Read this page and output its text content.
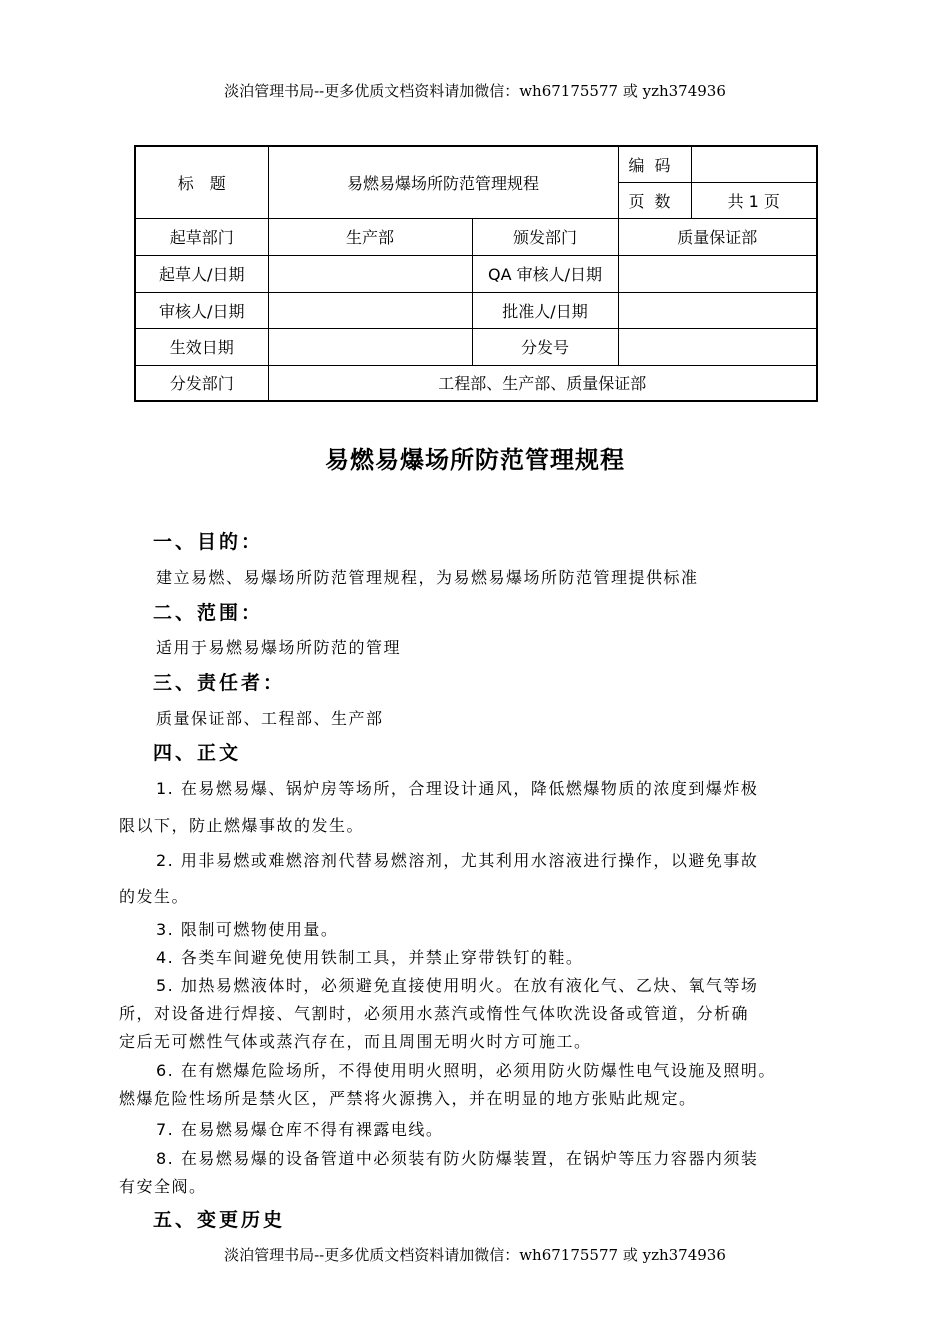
淡泊管理书局--更多优质文档资料请加微信：wh67175577 或 yzh374936
标　题	易燃易爆场所防范管理规程		编码	
			页数	共 1 页
起草部门	生产部	颁发部门	质量保证部	
起草人/日期		QA 审核人/日期		
审核人/日期		批准人/日期		
生效日期		分发号		
分发部门	工程部、生产部、质量保证部			
易燃易爆场所防范管理规程
一、目的：
建立易燃、易爆场所防范管理规程，为易燃易爆场所防范管理提供标准
二、范围：
适用于易燃易爆场所防范的管理
三、责任者：
质量保证部、工程部、生产部
四、正文
1. 在易燃易爆、锅炉房等场所，合理设计通风，降低燃爆物质的浓度到爆炸极
限以下，防止燃爆事故的发生。
2. 用非易燃或难燃溶剂代替易燃溶剂，尤其利用水溶液进行操作，以避免事故
的发生。
3. 限制可燃物使用量。
4. 各类车间避免使用铁制工具，并禁止穿带铁钉的鞋。
5. 加热易燃液体时，必须避免直接使用明火。在放有液化气、乙炔、氧气等场
所，对设备进行焊接、气割时，必须用水蒸汽或惰性气体吹洗设备或管道，分析确
定后无可燃性气体或蒸汽存在，而且周围无明火时方可施工。
6. 在有燃爆危险场所，不得使用明火照明，必须用防火防爆性电气设施及照明。
燃爆危险性场所是禁火区，严禁将火源携入，并在明显的地方张贴此规定。
7. 在易燃易爆仓库不得有裸露电线。
8. 在易燃易爆的设备管道中必须装有防火防爆装置，在锅炉等压力容器内须装
有安全阀。
五、变更历史
淡泊管理书局--更多优质文档资料请加微信：wh67175577 或 yzh374936
